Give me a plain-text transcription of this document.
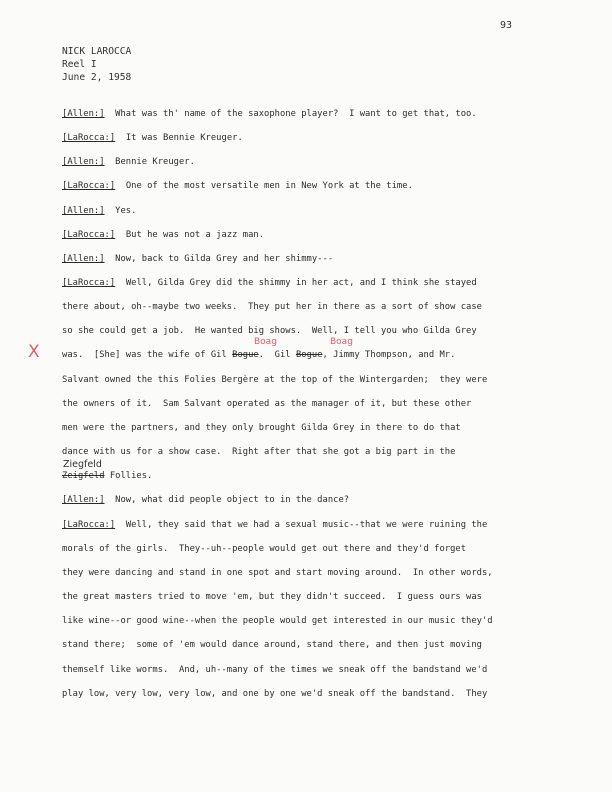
93
NICK LAROCCA
Reel I
June 2, 1958
[Allen:] What was th' name of the saxophone player?  I want to get that, too.
[LaRocca:] It was Bennie Kreuger.
[Allen:] Bennie Kreuger.
[LaRocca:] One of the most versatile men in New York at the time.
[Allen:] Yes.
[LaRocca:] But he was not a jazz man.
[Allen:] Now, back to Gilda Grey and her shimmy---
[LaRocca:] Well, Gilda Grey did the shimmy in her act, and I think she stayed
there about, oh--maybe two weeks.  They put her in there as a sort of show case
so she could get a job.  He wanted big shows.  Well, I tell you who Gilda Grey
was.  [She] was the wife of Gil Bogue.  Gil Bogue, Jimmy Thompson, and Mr.
Salvant owned the this Folies Bergère at the top of the Wintergarden;  they were
the owners of it.  Sam Salvant operated as the manager of it, but these other
men were the partners, and they only brought Gilda Grey in there to do that
dance with us for a show case.  Right after that she got a big part in the
Zeigfeld Follies.
[Allen:] Now, what did people object to in the dance?
[LaRocca:] Well, they said that we had a sexual music--that we were ruining the
morals of the girls.  They--uh--people would get out there and they'd forget
they were dancing and stand in one spot and start moving around.  In other words,
the great masters tried to move 'em, but they didn't succeed.  I guess ours was
like wine--or good wine--when the people would get interested in our music they'd
stand there;  some of 'em would dance around, stand there, and then just moving
themself like worms.  And, uh--many of the times we sneak off the bandstand we'd
play low, very low, very low, and one by one we'd sneak off the bandstand.  They
X	Boag	Boag
Ziegfeld
